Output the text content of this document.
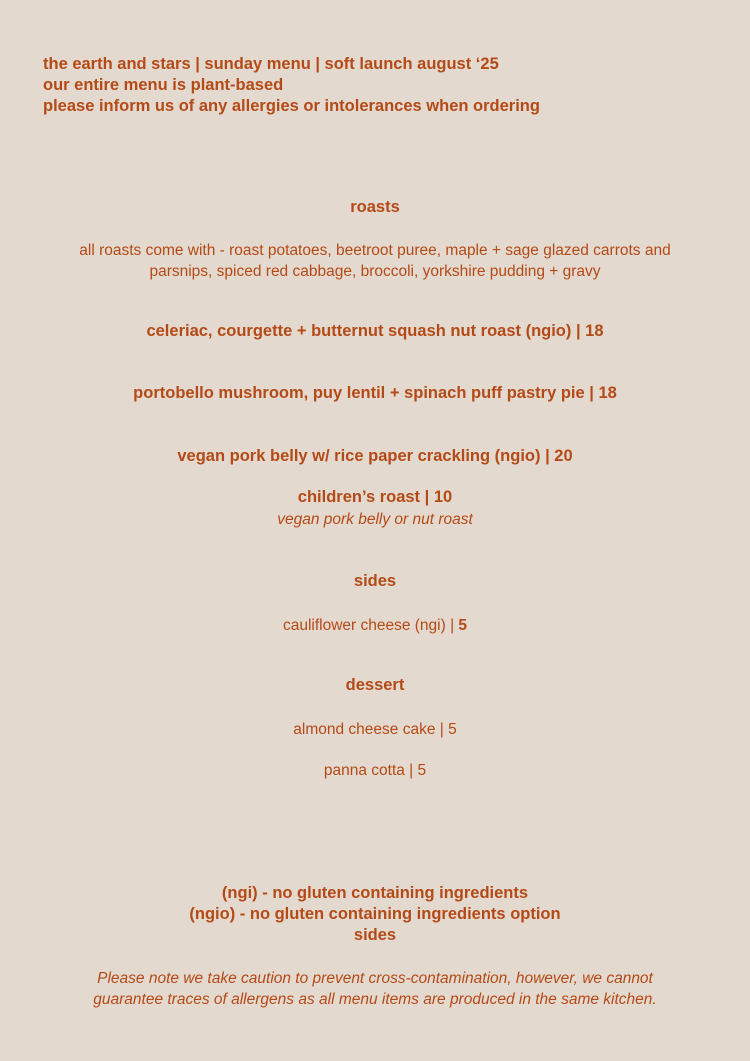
the earth and stars | sunday menu | soft launch august ‘25
our entire menu is plant-based
please inform us of any allergies or intolerances when ordering
roasts
all roasts come with - roast potatoes, beetroot puree, maple + sage glazed carrots and
parsnips, spiced red cabbage, broccoli, yorkshire pudding + gravy
celeriac, courgette + butternut squash nut roast (ngio) | 18
portobello mushroom, puy lentil + spinach puff pastry pie | 18
vegan pork belly w/ rice paper crackling (ngio) | 20
children’s roast | 10
vegan pork belly or nut roast
sides
cauliflower cheese (ngi) | 5
dessert
almond cheese cake | 5
panna cotta | 5
(ngi) - no gluten containing ingredients
(ngio) - no gluten containing ingredients option
sides
Please note we take caution to prevent cross-contamination, however, we cannot
guarantee traces of allergens as all menu items are produced in the same kitchen.
